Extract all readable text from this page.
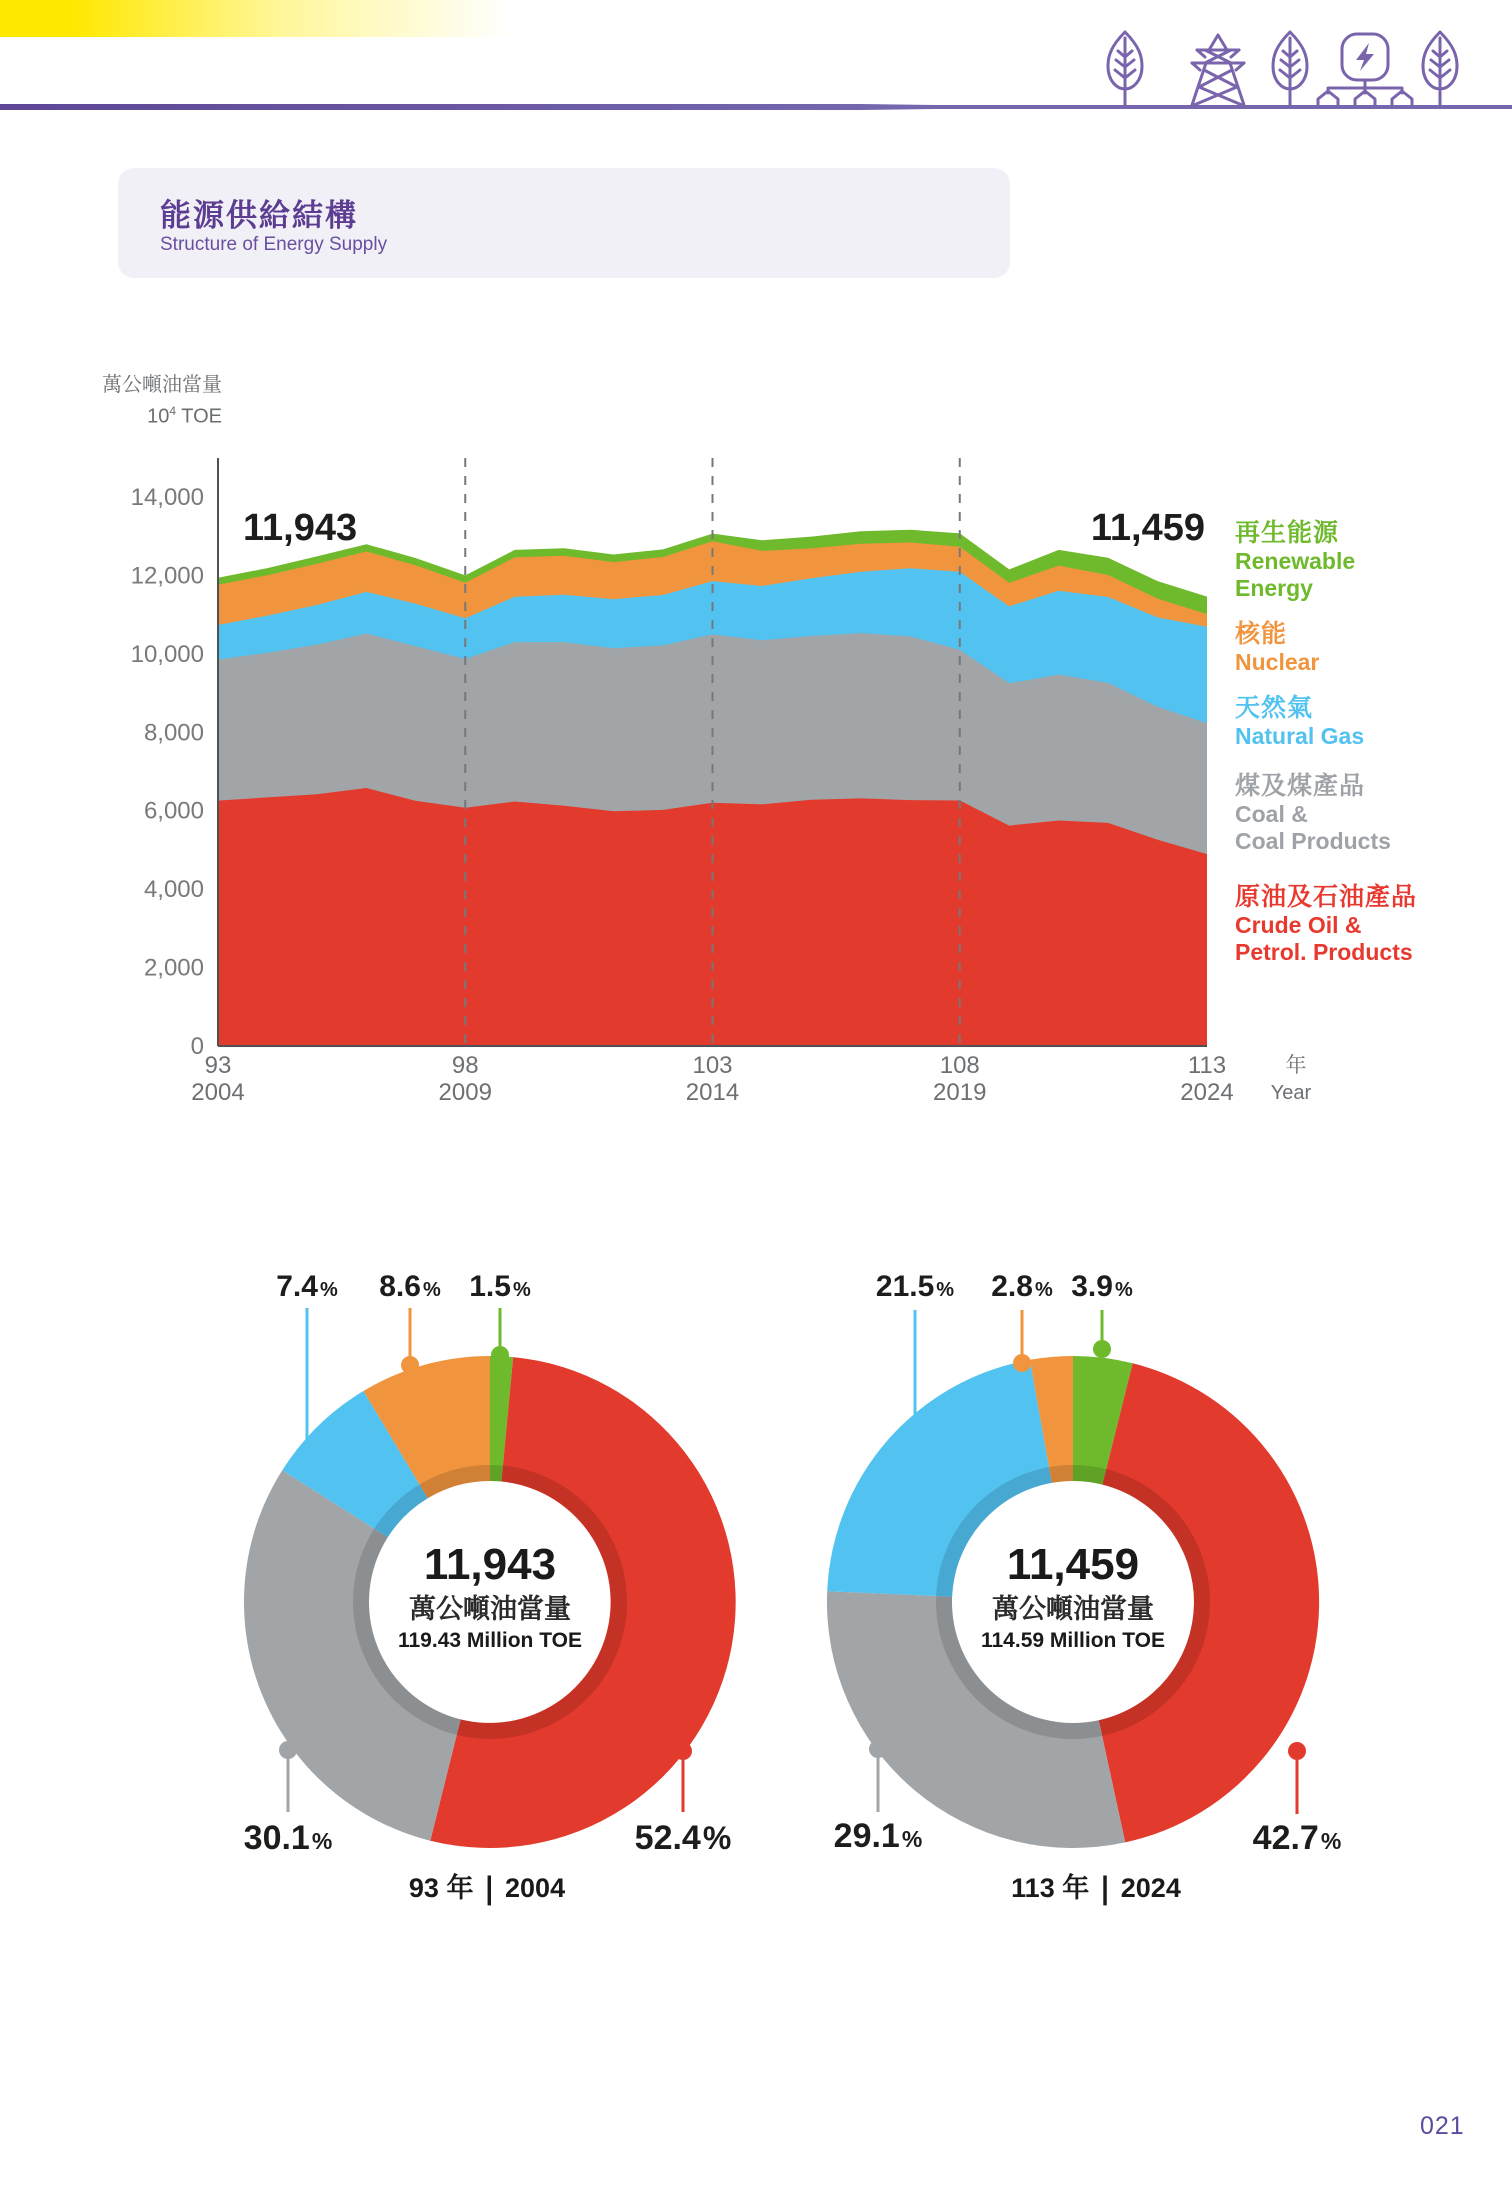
能源供給結構
Structure of Energy Supply
萬公噸油當量
$10^4$ TOE
0
2,000
4,000
6,000
8,000
10,000
12,000
14,000
93
2004
98
2009
103
2014
108
2019
113
2024
年
Year
11,943	11,459 再生能源
Renewable
Energy
核能
Nuclear
天然氣
Natural Gas
煤及煤產品
Coal &
Coal Products
原油及石油產品
Crude Oil &
Petrol. Products
7.4 % 8.6 % 1.5 %
30.1%	52.4%
21.5 % 2.8 % 3.9 %
29.1%	42.7%
11,943
萬公噸油當量
119.43 Million TOE
11,459
萬公噸油當量
114.59 Million TOE
93 年 | 2004	113 年 | 2024
021
